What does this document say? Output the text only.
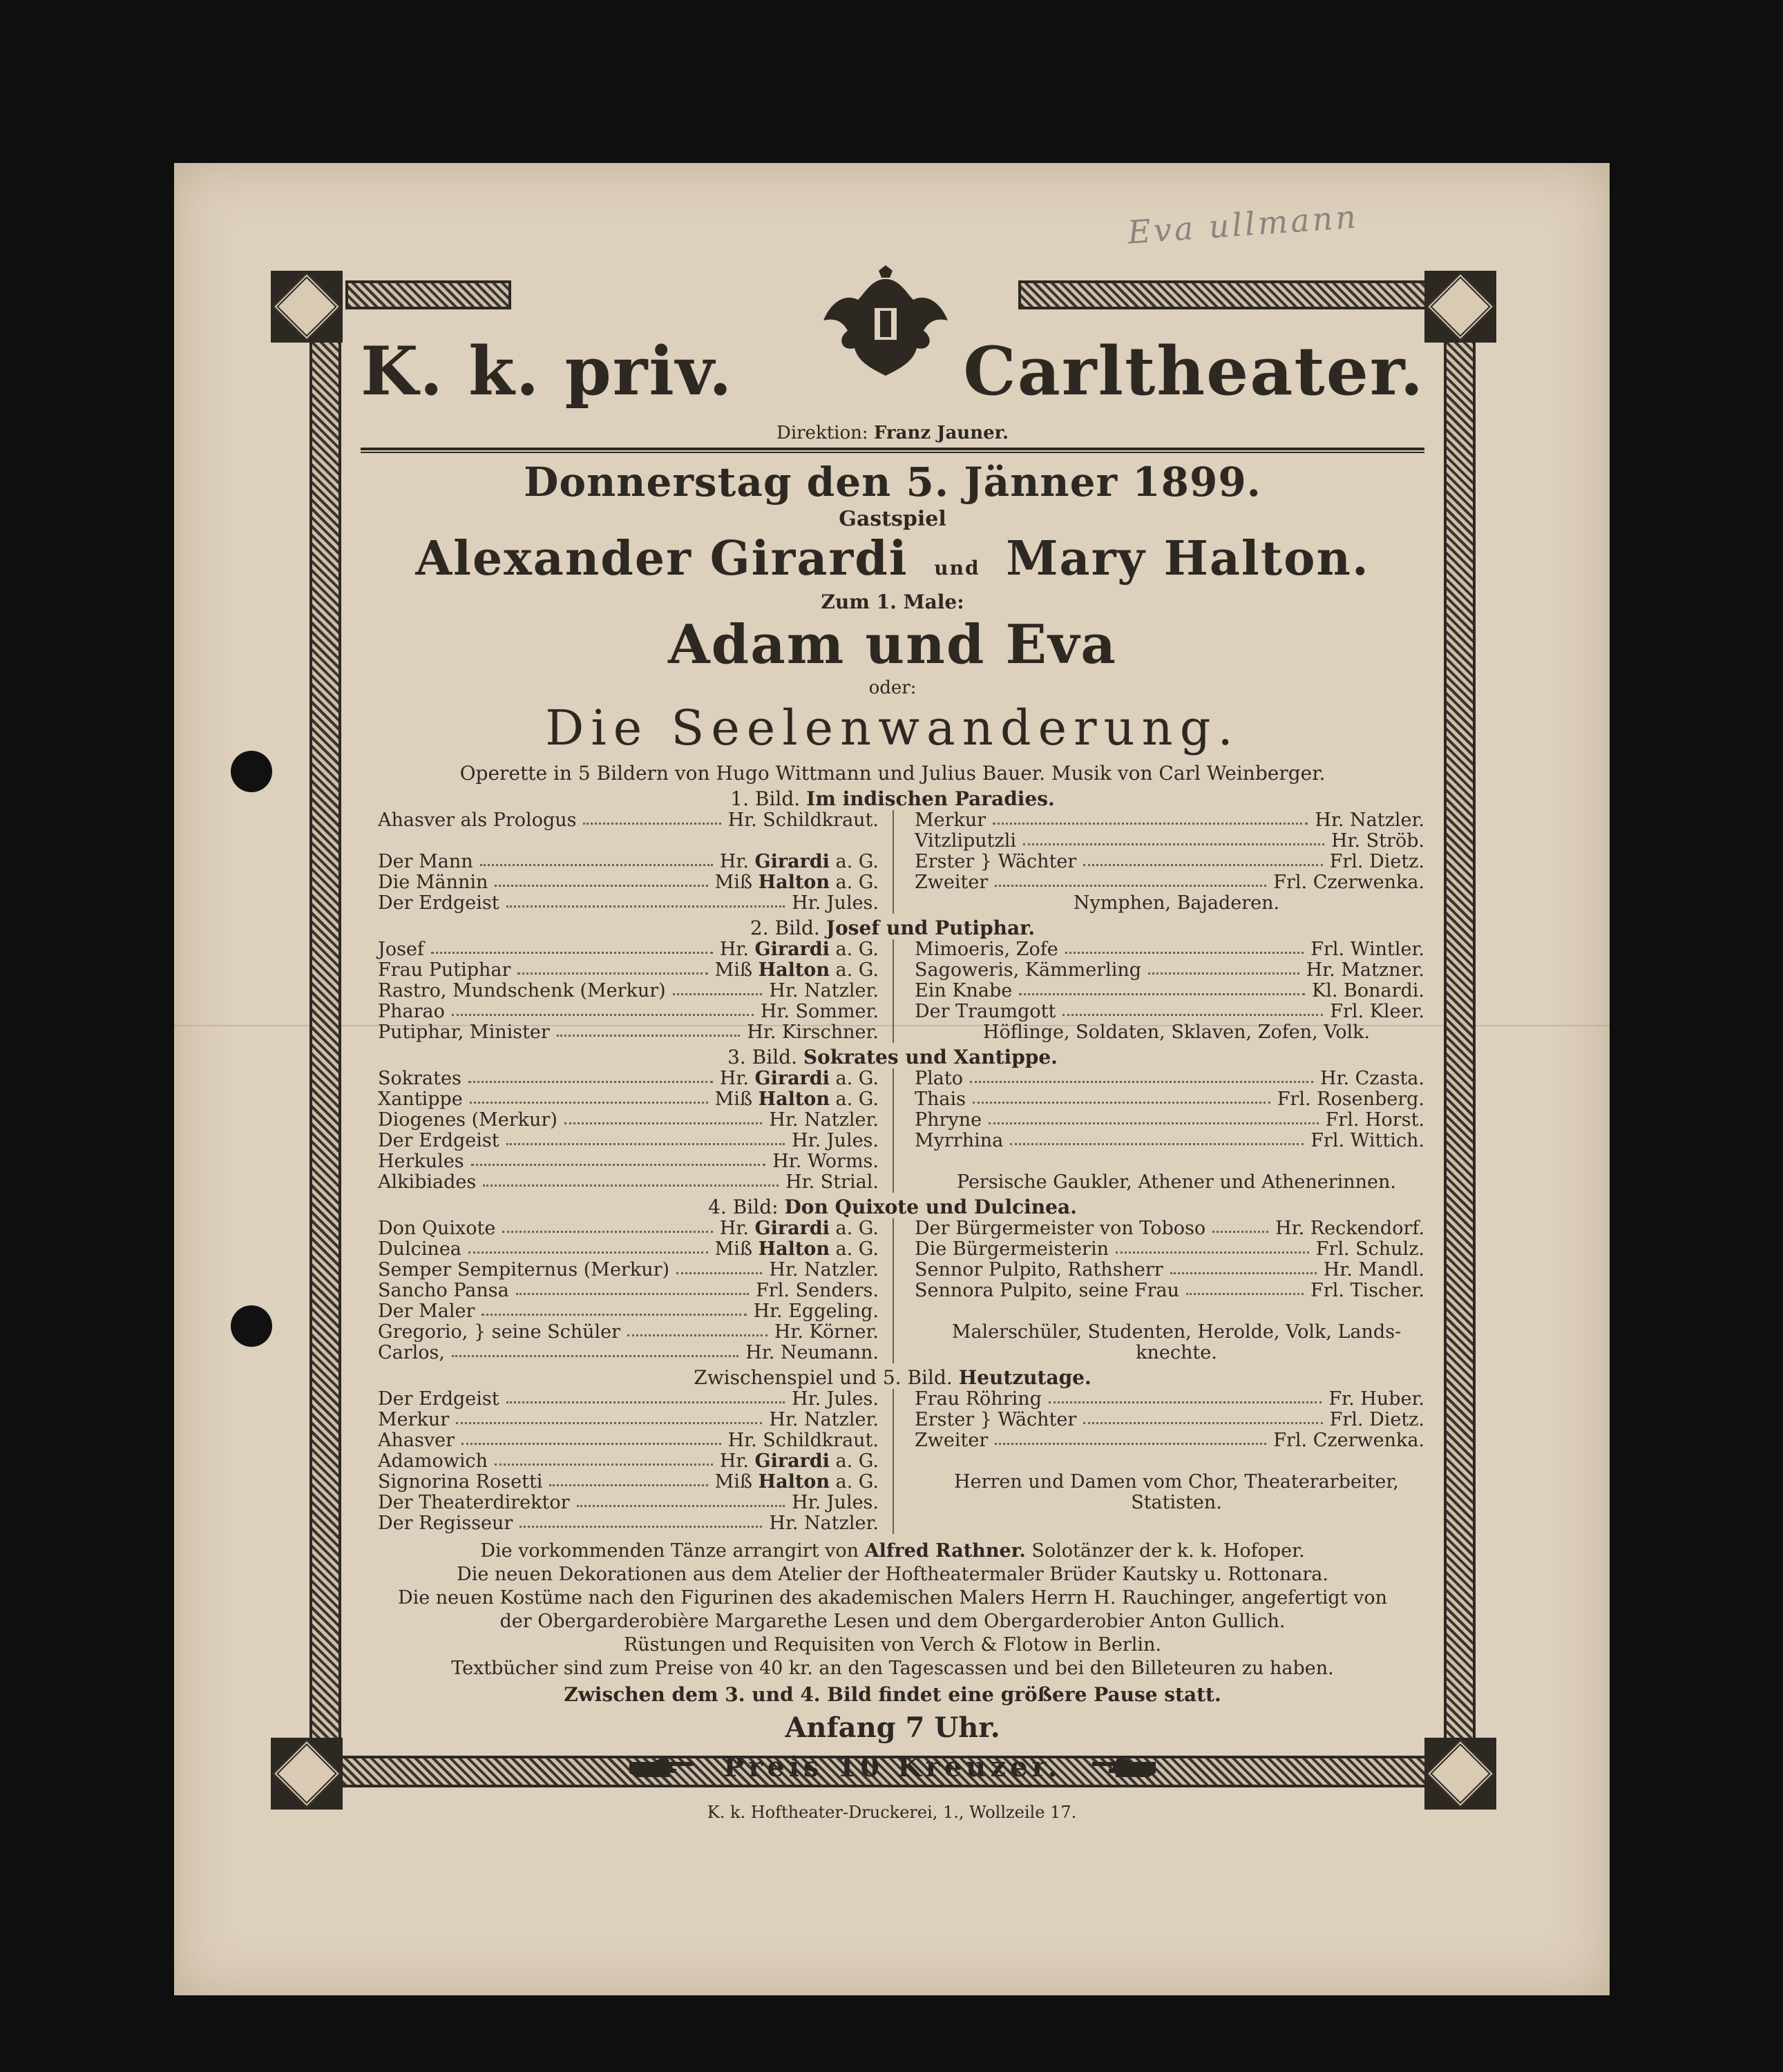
Eva ullmann
K. k. priv.	Carltheater.
Direktion: Franz Jauner.
Donnerstag den 5. Jänner 1899.
Gastspiel
Alexander Girardi und Mary Halton.
Zum 1. Male:
Adam und Eva
oder:
Die Seelenwanderung.
Operette in 5 Bildern von Hugo Wittmann und Julius Bauer. Musik von Carl Weinberger.
1. Bild. Im indischen Paradies.
Ahasver als Prologus	Hr. Schildkraut.
Der Mann	Hr. Girardi a. G.
Die Männin	Miß Halton a. G.
Der Erdgeist	Hr. Jules.
Merkur	Hr. Natzler.
Vitzliputzli	Hr. Ströb.
Erster } Wächter	Frl. Dietz.
Zweiter	Frl. Czerwenka.
Nymphen, Bajaderen.
2. Bild. Josef und Putiphar.
Josef	Hr. Girardi a. G.
Frau Putiphar	Miß Halton a. G.
Rastro, Mundschenk (Merkur)	Hr. Natzler.
Pharao	Hr. Sommer.
Putiphar, Minister	Hr. Kirschner.
Mimoeris, Zofe	Frl. Wintler.
Sagoweris, Kämmerling	Hr. Matzner.
Ein Knabe	Kl. Bonardi.
Der Traumgott	Frl. Kleer.
Höflinge, Soldaten, Sklaven, Zofen, Volk.
3. Bild. Sokrates und Xantippe.
Sokrates	Hr. Girardi a. G.
Xantippe	Miß Halton a. G.
Diogenes (Merkur)	Hr. Natzler.
Der Erdgeist	Hr. Jules.
Herkules	Hr. Worms.
Alkibiades	Hr. Strial.
Plato	Hr. Czasta.
Thais	Frl. Rosenberg.
Phryne	Frl. Horst.
Myrrhina	Frl. Wittich.
Persische Gaukler, Athener und Athenerinnen.
4. Bild: Don Quixote und Dulcinea.
Don Quixote	Hr. Girardi a. G.
Dulcinea	Miß Halton a. G.
Semper Sempiternus (Merkur)	Hr. Natzler.
Sancho Pansa	Frl. Senders.
Der Maler	Hr. Eggeling.
Gregorio, } seine Schüler	Hr. Körner.
Carlos,	Hr. Neumann.
Der Bürgermeister von Toboso	Hr. Reckendorf.
Die Bürgermeisterin	Frl. Schulz.
Sennor Pulpito, Rathsherr	Hr. Mandl.
Sennora Pulpito, seine Frau	Frl. Tischer.
Malerschüler, Studenten, Herolde, Volk, Lands-
knechte.
Zwischenspiel und 5. Bild. Heutzutage.
Der Erdgeist	Hr. Jules.
Merkur	Hr. Natzler.
Ahasver	Hr. Schildkraut.
Adamowich	Hr. Girardi a. G.
Signorina Rosetti	Miß Halton a. G.
Der Theaterdirektor	Hr. Jules.
Der Regisseur	Hr. Natzler.
Frau Röhring	Fr. Huber.
Erster } Wächter	Frl. Dietz.
Zweiter	Frl. Czerwenka.
Herren und Damen vom Chor, Theaterarbeiter,
Statisten.
Die vorkommenden Tänze arrangirt von Alfred Rathner. Solotänzer der k. k. Hofoper.
Die neuen Dekorationen aus dem Atelier der Hoftheatermaler Brüder Kautsky u. Rottonara.
Die neuen Kostüme nach den Figurinen des akademischen Malers Herrn H. Rauchinger, angefertigt von
der Obergarderobière Margarethe Lesen und dem Obergarderobier Anton Gullich.
Rüstungen und Requisiten von Verch & Flotow in Berlin.
Textbücher sind zum Preise von 40 kr. an den Tagescassen und bei den Billeteuren zu haben.
Zwischen dem 3. und 4. Bild findet eine größere Pause statt.
Anfang 7 Uhr.
Preis 10 Kreuzer.
K. k. Hoftheater-Druckerei, 1., Wollzeile 17.
